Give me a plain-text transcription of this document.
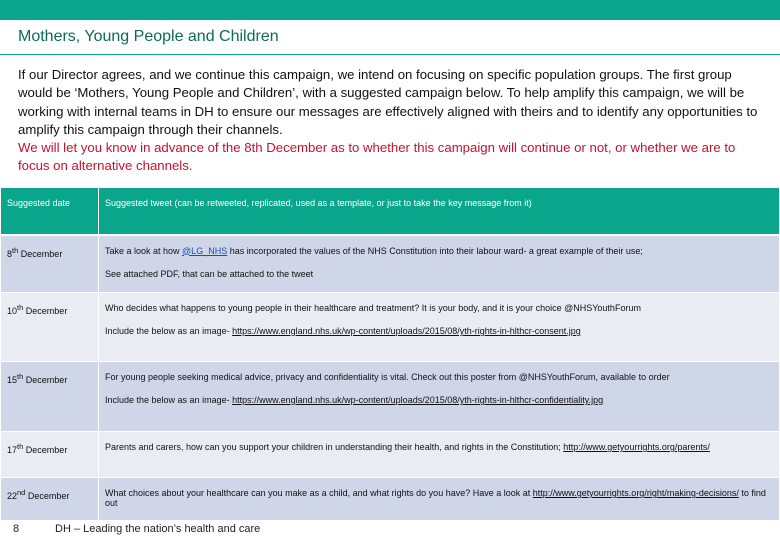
Mothers, Young People and Children
If our Director agrees, and we continue this campaign, we intend on focusing on specific population groups. The first group would be ‘Mothers, Young People and Children’, with a suggested campaign below. To help amplify this campaign, we will be working with internal teams in DH to ensure our messages are effectively aligned with theirs and to identify any opportunities to amplify this campaign through their channels.
We will let you know in advance of the 8th December as to whether this campaign will continue or not, or whether we are to focus on alternative channels.
Suggested date	Suggested tweet (can be retweeted, replicated, used as a template, or just to take the key message from it)
8th December	Take a look at how @LG_NHS has incorporated the values of the NHS Constitution into their labour ward- a great example of their use;
See attached PDF, that can be attached to the tweet

10th December	Who decides what happens to young people in their healthcare and treatment? It is your body, and it is your choice @NHSYouthForum
Include the below as an image- https://www.england.nhs.uk/wp-content/uploads/2015/08/yth-rights-in-hlthcr-consent.jpg

15th December	For young people seeking medical advice, privacy and confidentiality is vital. Check out this poster from @NHSYouthForum, available to order
Include the below as an image- https://www.england.nhs.uk/wp-content/uploads/2015/08/yth-rights-in-hlthcr-confidentiality.jpg

17th December	Parents and carers, how can you support your children in understanding their health, and rights in the Constitution; http://www.getyourrights.org/parents/
22nd December	What choices about your healthcare can you make as a child, and what rights do you have? Have a look at http://www.getyourrights.org/right/making-decisions/ to find out
8	DH – Leading the nation’s health and care
